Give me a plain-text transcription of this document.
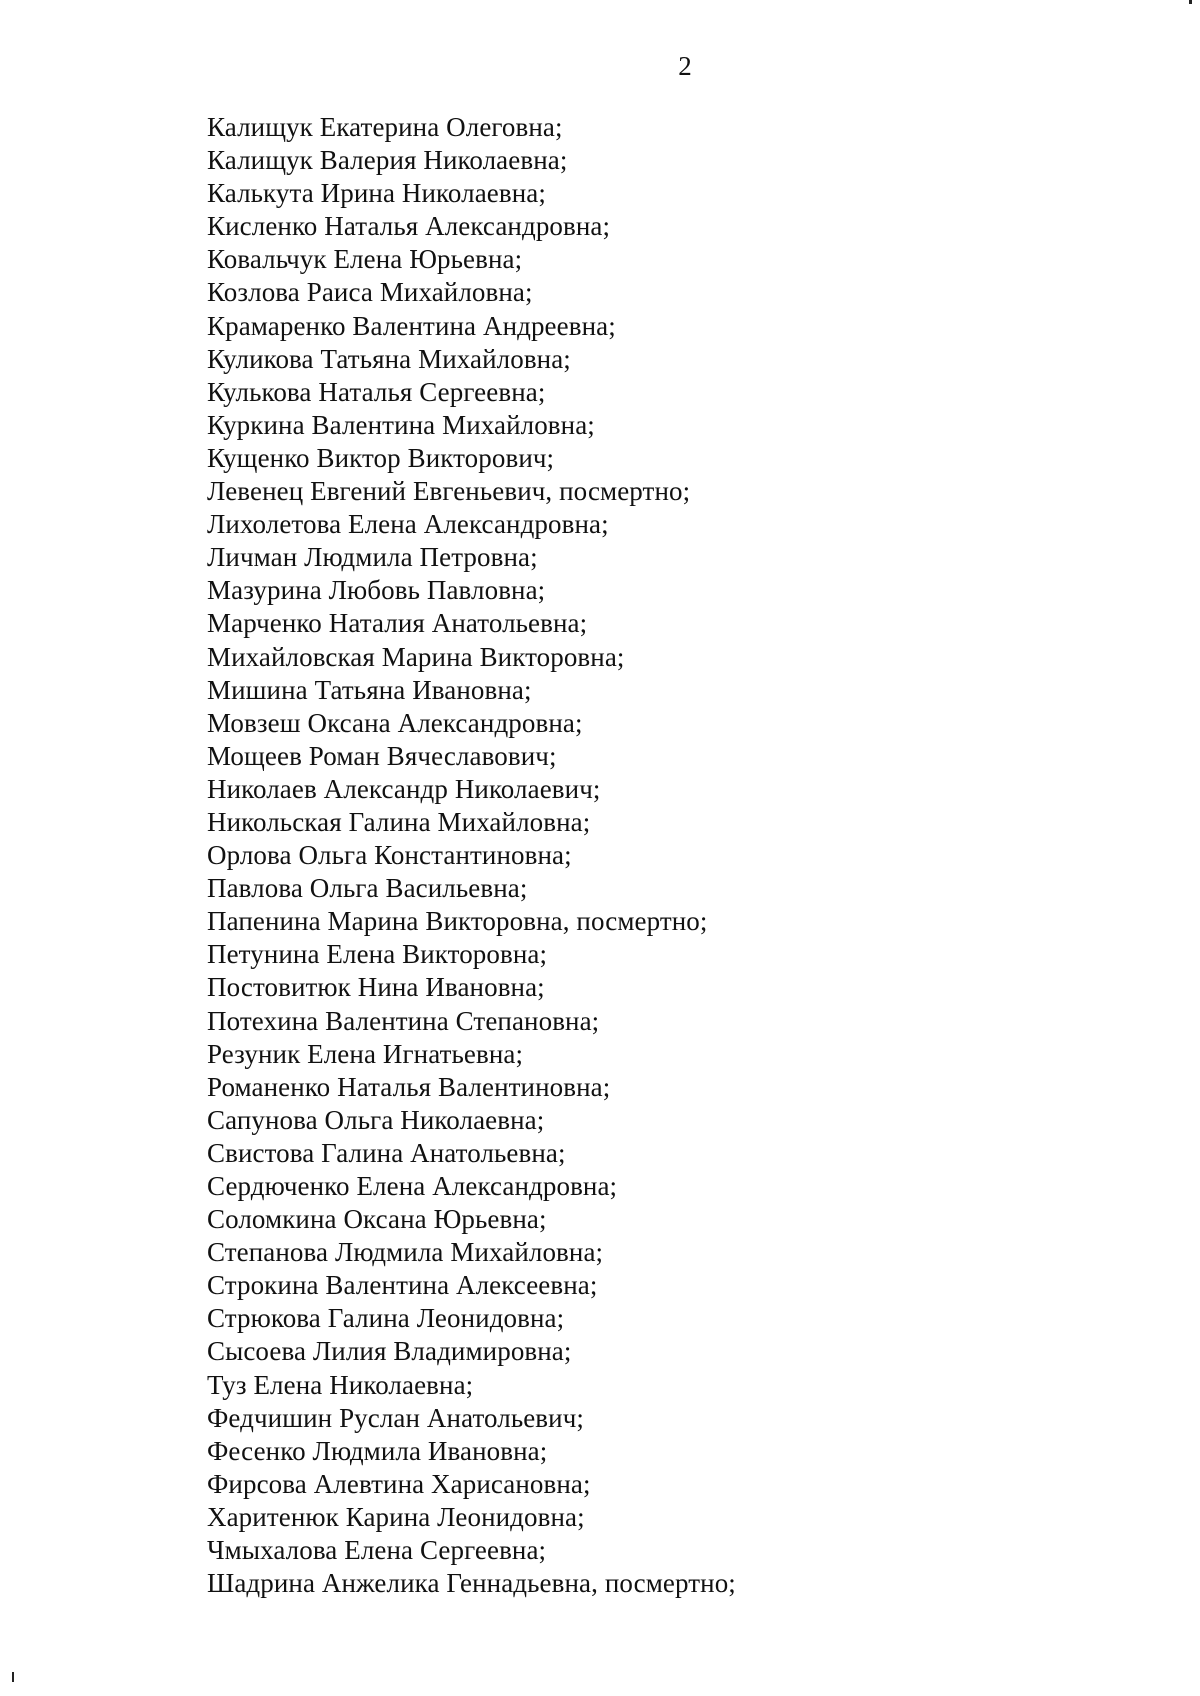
2

Калищук Екатерина Олеговна;
Калищук Валерия Николаевна;
Калькута Ирина Николаевна;
Кисленко Наталья Александровна;
Ковальчук Елена Юрьевна;
Козлова Раиса Михайловна;
Крамаренко Валентина Андреевна;
Куликова Татьяна Михайловна;
Кулькова Наталья Сергеевна;
Куркина Валентина Михайловна;
Кущенко Виктор Викторович;
Левенец Евгений Евгеньевич, посмертно;
Лихолетова Елена Александровна;
Личман Людмила Петровна;
Мазурина Любовь Павловна;
Марченко Наталия Анатольевна;
Михайловская Марина Викторовна;
Мишина Татьяна Ивановна;
Мовзеш Оксана Александровна;
Мощеев Роман Вячеславович;
Николаев Александр Николаевич;
Никольская Галина Михайловна;
Орлова Ольга Константиновна;
Павлова Ольга Васильевна;
Папенина Марина Викторовна, посмертно;
Петунина Елена Викторовна;
Постовитюк Нина Ивановна;
Потехина Валентина Степановна;
Резуник Елена Игнатьевна;
Романенко Наталья Валентиновна;
Сапунова Ольга Николаевна;
Свистова Галина Анатольевна;
Сердюченко Елена Александровна;
Соломкина Оксана Юрьевна;
Степанова Людмила Михайловна;
Строкина Валентина Алексеевна;
Стрюкова Галина Леонидовна;
Сысоева Лилия Владимировна;
Туз Елена Николаевна;
Федчишин Руслан Анатольевич;
Фесенко Людмила Ивановна;
Фирсова Алевтина Харисановна;
Харитенюк Карина Леонидовна;
Чмыхалова Елена Сергеевна;
Шадрина Анжелика Геннадьевна, посмертно;
